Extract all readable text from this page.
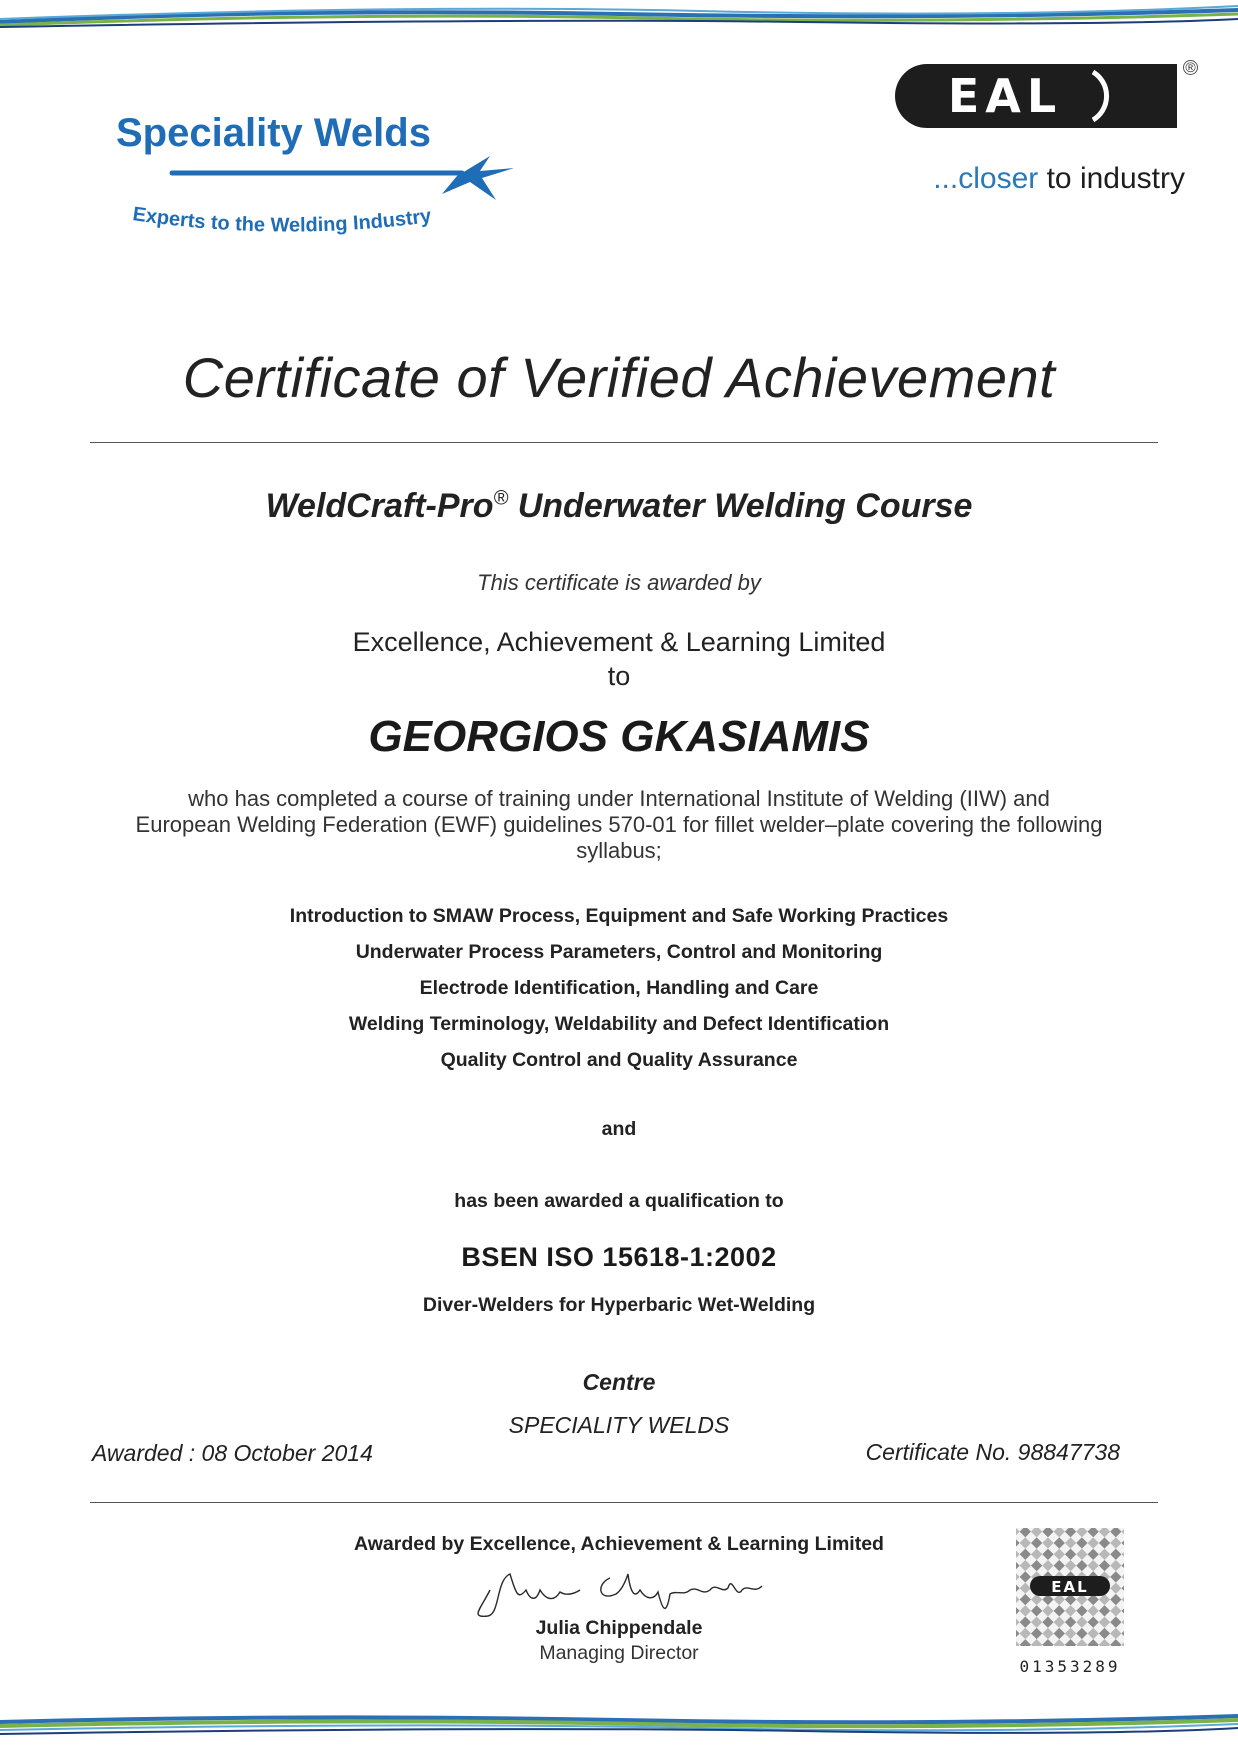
Speciality Welds
Experts to the Welding Industry
EAL
®
...closer to industry
Certificate of Verified Achievement
WeldCraft-Pro® Underwater Welding Course
This certificate is awarded by
Excellence, Achievement & Learning Limited
to
GEORGIOS GKASIAMIS
who has completed a course of training under International Institute of Welding (IIW) and
European Welding Federation (EWF) guidelines 570-01 for fillet welder–plate covering the following
syllabus;
Introduction to SMAW Process, Equipment and Safe Working Practices
Underwater Process Parameters, Control and Monitoring
Electrode Identification, Handling and Care
Welding Terminology, Weldability and Defect Identification
Quality Control and Quality Assurance
and
has been awarded a qualification to
BSEN ISO 15618-1:2002
Diver-Welders for Hyperbaric Wet-Welding
Centre
SPECIALITY WELDS
Awarded : 08 October 2014	Certificate No. 98847738
Awarded by Excellence, Achievement & Learning Limited
Julia Chippendale
Managing Director
EAL
01353289
